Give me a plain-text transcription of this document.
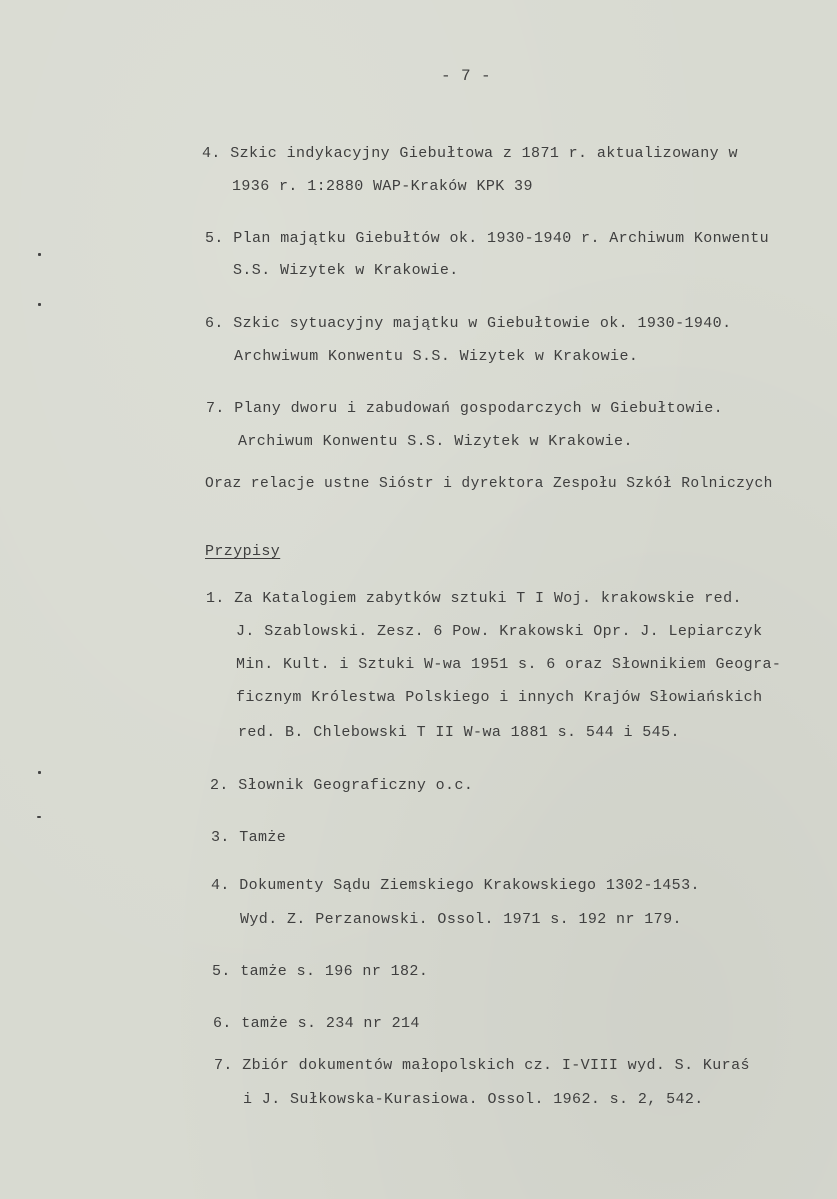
- 7 -
4. Szkic indykacyjny Giebułtowa z 1871 r. aktualizowany w
1936 r. 1:2880 WAP-Kraków KPK 39
5. Plan majątku Giebułtów ok. 1930-1940 r. Archiwum Konwentu
S.S. Wizytek w Krakowie.
6. Szkic sytuacyjny majątku w Giebułtowie ok. 1930-1940.
Archwiwum Konwentu S.S. Wizytek w Krakowie.
7. Plany dworu i zabudowań gospodarczych w Giebułtowie.
Archiwum Konwentu S.S. Wizytek w Krakowie.
Oraz relacje ustne Sióstr i dyrektora Zespołu Szkół Rolniczych
Przypisy
1. Za Katalogiem zabytków sztuki T I Woj. krakowskie red.
J. Szablowski. Zesz. 6 Pow. Krakowski Opr. J. Lepiarczyk
Min. Kult. i Sztuki W-wa 1951 s. 6 oraz Słownikiem Geogra-
ficznym Królestwa Polskiego i innych Krajów Słowiańskich
red. B. Chlebowski T II W-wa 1881 s. 544 i 545.
2. Słownik Geograficzny o.c.
3. Tamże
4. Dokumenty Sądu Ziemskiego Krakowskiego 1302-1453.
Wyd. Z. Perzanowski. Ossol. 1971 s. 192 nr 179.
5. tamże s. 196 nr 182.
6. tamże s. 234 nr 214
7. Zbiór dokumentów małopolskich cz. I-VIII wyd. S. Kuraś
i J. Sułkowska-Kurasiowa. Ossol. 1962. s. 2, 542.
